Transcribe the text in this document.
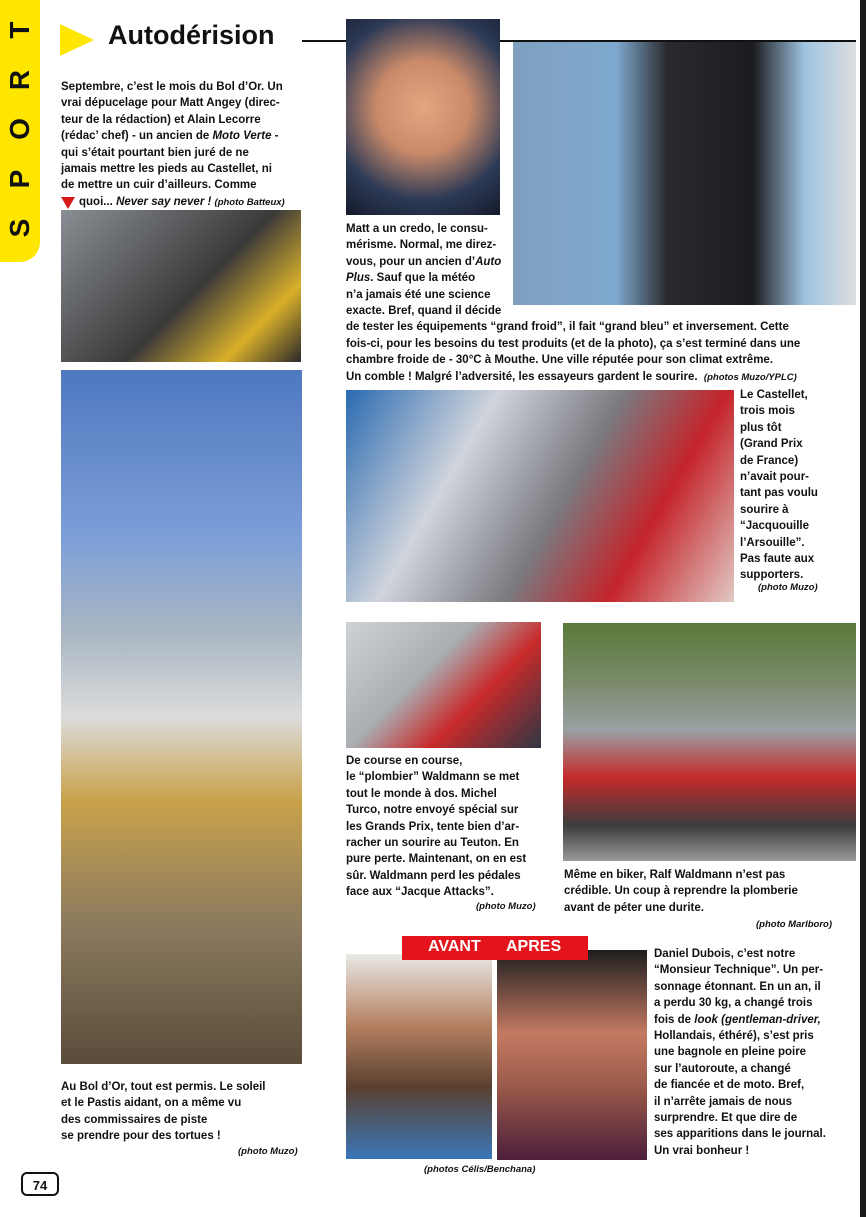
T
R
O
P
S
Autodérision
Septembre, c’est le mois du Bol d’Or. Un
vrai dépucelage pour Matt Angey (direc-
teur de la rédaction) et Alain Lecorre
(rédac’ chef) - un ancien de Moto Verte -
qui s’était pourtant bien juré de ne
jamais mettre les pieds au Castellet, ni
de mettre un cuir d’ailleurs. Comme
quoi... Never say never ! (photo Batteux)
Matt a un credo, le consu-
mérisme. Normal, me direz-
vous, pour un ancien d’Auto
Plus. Sauf que la météo
n’a jamais été une science
exacte. Bref, quand il décide
de tester les équipements “grand froid”, il fait “grand bleu” et inversement. Cette
fois-ci, pour les besoins du test produits (et de la photo), ça s’est terminé dans une
chambre froide de - 30°C à Mouthe. Une ville réputée pour son climat extrême.
Un comble ! Malgré l’adversité, les essayeurs gardent le sourire. (photos Muzo/YPLC)
Le Castellet,
trois mois
plus tôt
(Grand Prix
de France)
n’avait pour-
tant pas voulu
sourire à
“Jacquouille
l’Arsouille”.
Pas faute aux
supporters.
(photo Muzo)
De course en course,
le “plombier” Waldmann se met
tout le monde à dos. Michel
Turco, notre envoyé spécial sur
les Grands Prix, tente bien d’ar-
racher un sourire au Teuton. En
pure perte. Maintenant, on en est
sûr. Waldmann perd les pédales
face aux “Jacque Attacks”.
(photo Muzo)
Même en biker, Ralf Waldmann n’est pas
crédible. Un coup à reprendre la plomberie
avant de péter une durite.
(photo Marlboro)
Au Bol d’Or, tout est permis. Le soleil
et le Pastis aidant, on a même vu
des commissaires de piste
se prendre pour des tortues !
(photo Muzo)
AVANT APRES
(photos Célis/Benchana)
Daniel Dubois, c’est notre
“Monsieur Technique”. Un per-
sonnage étonnant. En un an, il
a perdu 30 kg, a changé trois
fois de look (gentleman-driver,
Hollandais, éthéré), s’est pris
une bagnole en pleine poire
sur l’autoroute, a changé
de fiancée et de moto. Bref,
il n’arrête jamais de nous
surprendre. Et que dire de
ses apparitions dans le journal.
Un vrai bonheur !
74
